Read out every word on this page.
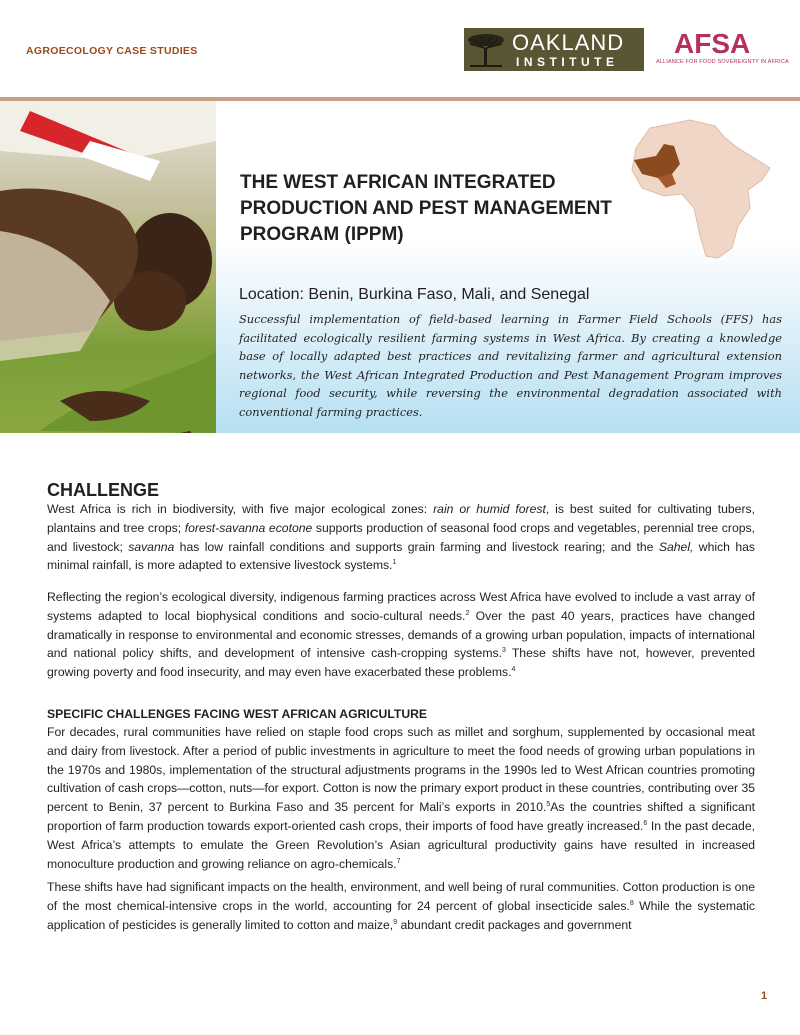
AGROECOLOGY CASE STUDIES	OAKLAND
INSTITUTE
AFSA
ALLIANCE FOR FOOD SOVEREIGNTY IN AFRICA
THE WEST AFRICAN INTEGRATED PRODUCTION AND PEST MANAGEMENT PROGRAM (IPPM)
Location: Benin, Burkina Faso, Mali, and Senegal
Successful implementation of field-based learning in Farmer Field Schools (FFS) has facilitated ecologically resilient farming systems in West Africa. By creating a knowledge base of locally adapted best practices and revitalizing farmer and agricultural extension networks, the West African Integrated Production and Pest Management Program improves regional food security, while reversing the environmental degradation associated with conventional farming practices.
CHALLENGE

West Africa is rich in biodiversity, with five major ecological zones: rain or humid forest, is best suited for cultivating tubers, plantains and tree crops; forest-savanna ecotone supports production of seasonal food crops and vegetables, perennial tree crops, and livestock; savanna has low rainfall conditions and supports grain farming and livestock rearing; and the Sahel, which has minimal rainfall, is more adapted to extensive livestock systems.$^1$

Reflecting the region’s ecological diversity, indigenous farming practices across West Africa have evolved to include a vast array of systems adapted to local biophysical conditions and socio-cultural needs.$^2$ Over the past 40 years, practices have changed dramatically in response to environmental and economic stresses, demands of a growing urban population, impacts of international and national policy shifts, and development of intensive cash-cropping systems.$^3$ These shifts have not, however, prevented growing poverty and food insecurity, and may even have exacerbated these problems.$^4$

SPECIFIC CHALLENGES FACING WEST AFRICAN AGRICULTURE

For decades, rural communities have relied on staple food crops such as millet and sorghum, supplemented by occasional meat and dairy from livestock. After a period of public investments in agriculture to meet the food needs of growing urban populations in the 1970s and 1980s, implementation of the structural adjustments programs in the 1990s led to West African countries promoting cultivation of cash crops—cotton, nuts—for export. Cotton is now the primary export product in these countries, contributing over 35 percent to Benin, 37 percent to Burkina Faso and 35 percent for Mali’s exports in 2010.$^5$As the countries shifted a significant proportion of farm production towards export-oriented cash crops, their imports of food have greatly increased.$^6$ In the past decade, West Africa’s attempts to emulate the Green Revolution’s Asian agricultural productivity gains have resulted in increased monoculture production and growing reliance on agro-chemicals.$^7$

These shifts have had significant impacts on the health, environment, and well being of rural communities. Cotton production is one of the most chemical-intensive crops in the world, accounting for 24 percent of global insecticide sales.$^8$ While the systematic application of pesticides is generally limited to cotton and maize,$^9$ abundant credit packages and government

1
